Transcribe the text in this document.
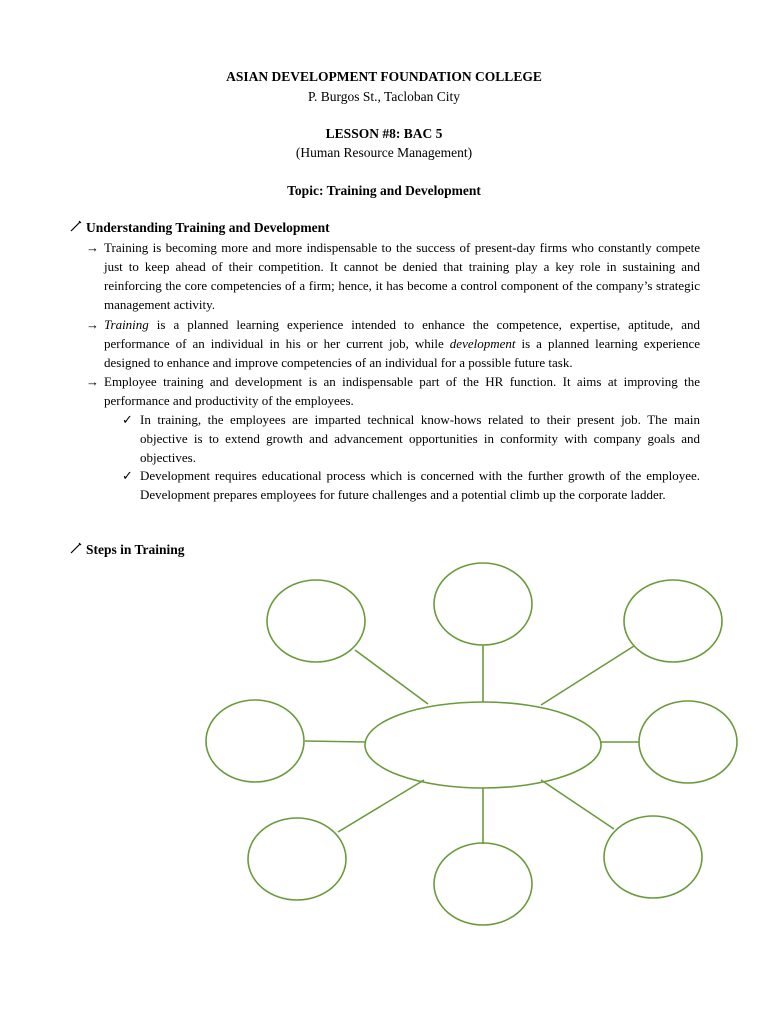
ASIAN DEVELOPMENT FOUNDATION COLLEGE
P. Burgos St., Tacloban City
LESSON #8: BAC 5
(Human Resource Management)
Topic: Training and Development
Understanding Training and Development
→ Training is becoming more and more indispensable to the success of present-day firms who constantly compete just to keep ahead of their competition. It cannot be denied that training play a key role in sustaining and reinforcing the core competencies of a firm; hence, it has become a control component of the company’s strategic management activity.
→ Training is a planned learning experience intended to enhance the competence, expertise, aptitude, and performance of an individual in his or her current job, while development is a planned learning experience designed to enhance and improve competencies of an individual for a possible future task.
→ Employee training and development is an indispensable part of the HR function. It aims at improving the performance and productivity of the employees.
✓ In training, the employees are imparted technical know-hows related to their present job. The main objective is to extend growth and advancement opportunities in conformity with company goals and objectives.
✓ Development requires educational process which is concerned with the further growth of the employee. Development prepares employees for future challenges and a potential climb up the corporate ladder.
Steps in Training
